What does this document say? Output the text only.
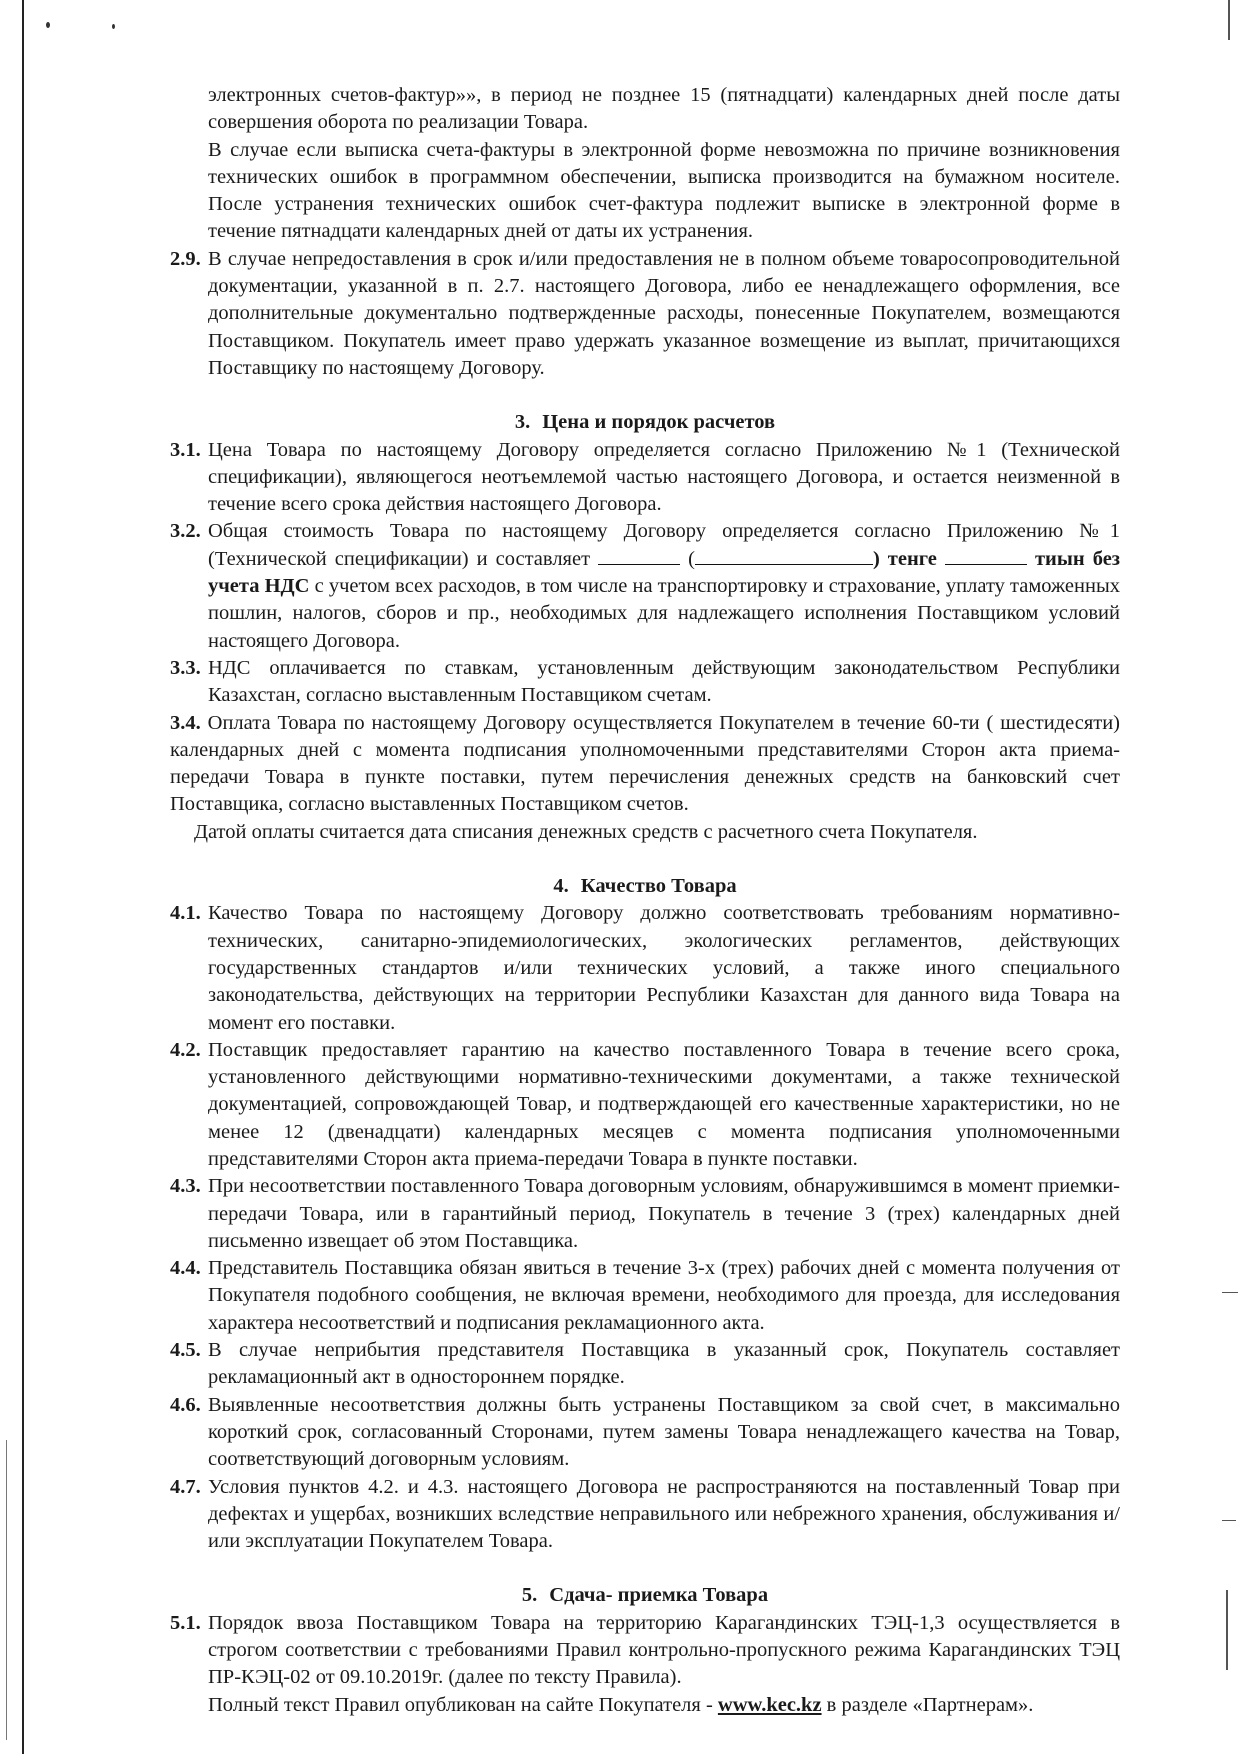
электронных счетов-фактур»», в период не позднее 15 (пятнадцати) календарных дней после даты совершения оборота по реализации Товара.

В случае если выписка счета-фактуры в электронной форме невозможна по причине возникновения технических ошибок в программном обеспечении, выписка производится на бумажном носителе. После устранения технических ошибок счет-фактура подлежит выписке в электронной форме в течение пятнадцати календарных дней от даты их устранения.

2.9. В случае непредоставления в срок и/или предоставления не в полном объеме товаросопроводительной документации, указанной в п. 2.7. настоящего Договора, либо ее ненадлежащего оформления, все дополнительные документально подтвержденные расходы, понесенные Покупателем, возмещаются Поставщиком. Покупатель имеет право удержать указанное возмещение из выплат, причитающихся Поставщику по настоящему Договору.
3. Цена и порядок расчетов
3.1. Цена Товара по настоящему Договору определяется согласно Приложению №1 (Технической спецификации), являющегося неотъемлемой частью настоящего Договора, и остается неизменной в течение всего срока действия настоящего Договора.
3.2. Общая стоимость Товара по настоящему Договору определяется согласно Приложению №1 (Технической спецификации) и составляет	(	) тенге	тиын без учета НДС с учетом всех расходов, в том числе на транспортировку и страхование, уплату таможенных пошлин, налогов, сборов и пр., необходимых для надлежащего исполнения Поставщиком условий настоящего Договора.
3.3. НДС оплачивается по ставкам, установленным действующим законодательством Республики Казахстан, согласно выставленным Поставщиком счетам.

3.4. Оплата Товара по настоящему Договору осуществляется Покупателем в течение 60-ти ( шестидесяти) календарных дней с момента подписания уполномоченными представителями Сторон акта приема- передачи Товара в пункте поставки, путем перечисления денежных средств на банковский счет Поставщика, согласно выставленных Поставщиком счетов.

Датой оплаты считается дата списания денежных средств с расчетного счета Покупателя.

4. Качество Товара
4.1. Качество Товара по настоящему Договору должно соответствовать требованиям нормативно-технических, санитарно-эпидемиологических, экологических регламентов, действующих государственных стандартов и/или технических условий, а также иного специального законодательства, действующих на территории Республики Казахстан для данного вида Товара на момент его поставки.
4.2. Поставщик предоставляет гарантию на качество поставленного Товара в течение всего срока, установленного действующими нормативно-техническими документами, а также технической документацией, сопровождающей Товар, и подтверждающей его качественные характеристики, но не менее 12 (двенадцати) календарных месяцев с момента подписания уполномоченными представителями Сторон акта приема-передачи Товара в пункте поставки.
4.3. При несоответствии поставленного Товара договорным условиям, обнаружившимся в момент приемки-передачи Товара, или в гарантийный период, Покупатель в течение 3 (трех) календарных дней письменно извещает об этом Поставщика.
4.4. Представитель Поставщика обязан явиться в течение 3-х (трех) рабочих дней с момента получения от Покупателя подобного сообщения, не включая времени, необходимого для проезда, для исследования характера несоответствий и подписания рекламационного акта.
4.5. В случае неприбытия представителя Поставщика в указанный срок, Покупатель составляет рекламационный акт в одностороннем порядке.
4.6. Выявленные несоответствия должны быть устранены Поставщиком за свой счет, в максимально короткий срок, согласованный Сторонами, путем замены Товара ненадлежащего качества на Товар, соответствующий договорным условиям.
4.7. Условия пунктов 4.2. и 4.3. настоящего Договора не распространяются на поставленный Товар при дефектах и ущербах, возникших вследствие неправильного или небрежного хранения, обслуживания и/или эксплуатации Покупателем Товара.
5. Сдача- приемка Товара
5.1. Порядок ввоза Поставщиком Товара на территорию Карагандинских ТЭЦ-1,3 осуществляется в строгом соответствии с требованиями Правил контрольно-пропускного режима Карагандинских ТЭЦ ПР-КЭЦ-02 от 09.10.2019г. (далее по тексту Правила).

Полный текст Правил опубликован на сайте Покупателя - www.kec.kz в разделе «Партнерам».
